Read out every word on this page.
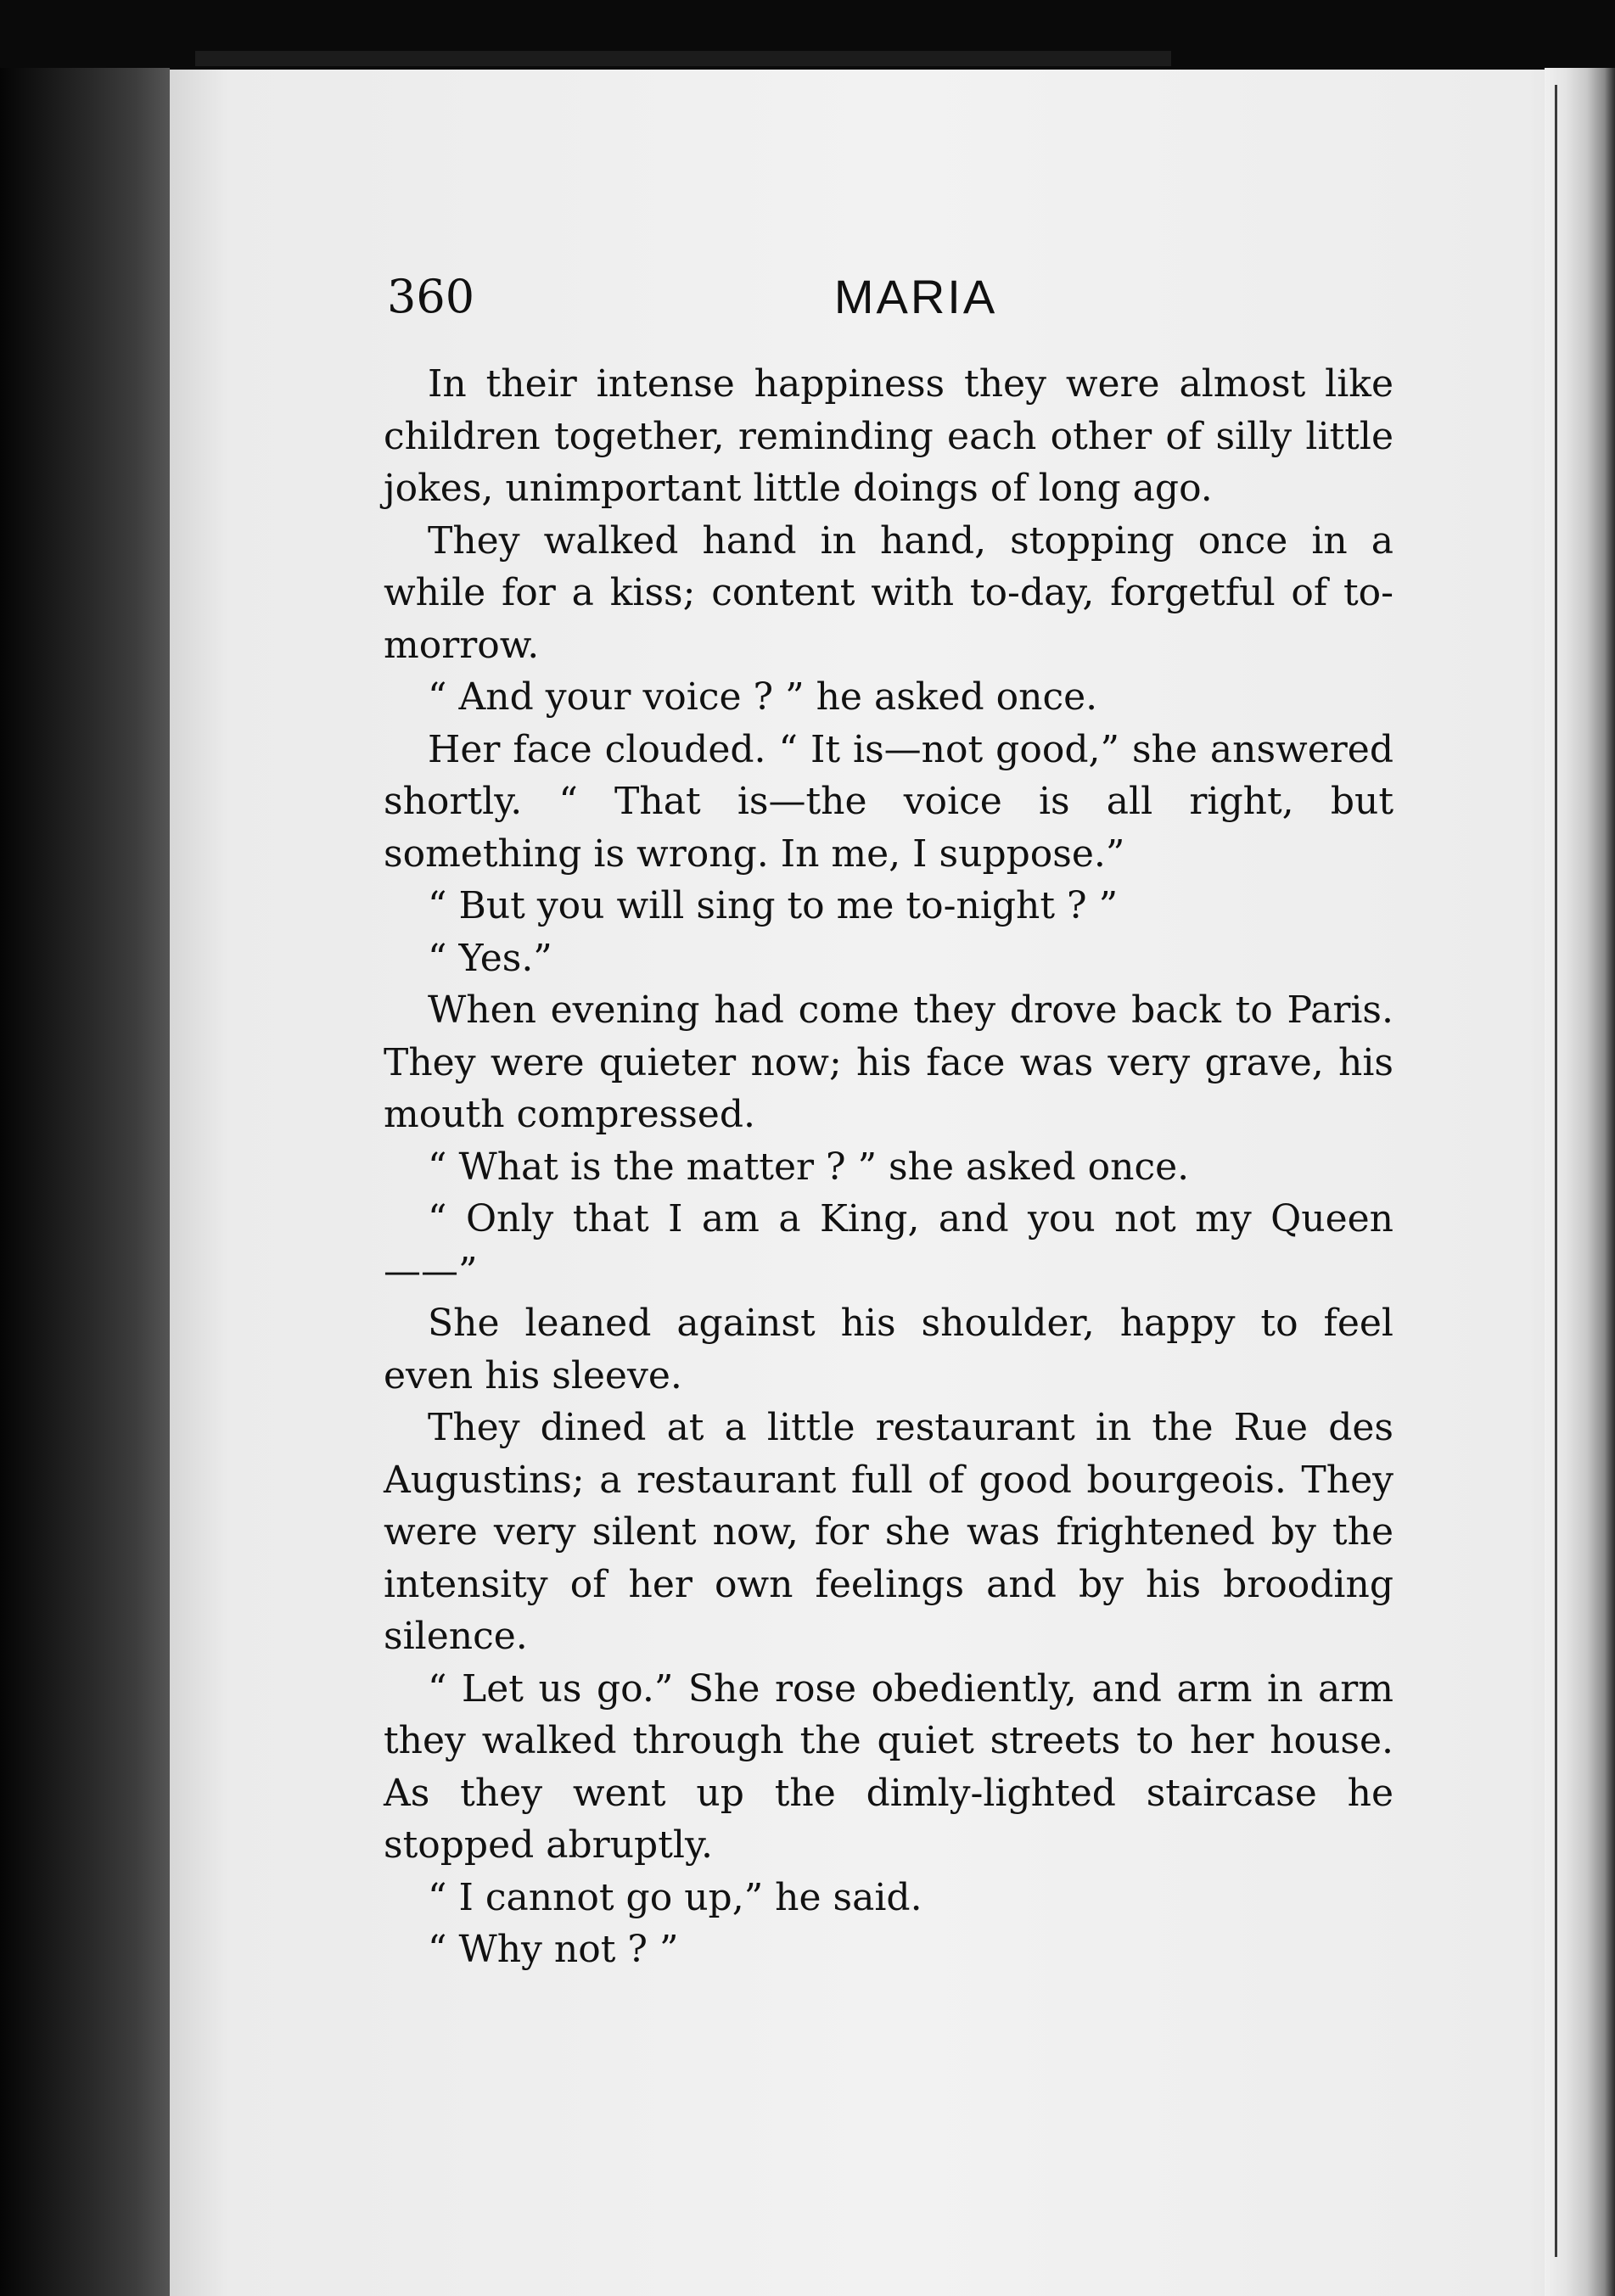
360	MARIA

In their intense happiness they were almost like children together, reminding each other of silly little jokes, unimportant little doings of long ago.

They walked hand in hand, stopping once in a while for a kiss; content with to-day, forgetful of to-morrow.

“ And your voice ? ” he asked once.

Her face clouded. “ It is—not good,” she answered shortly. “ That is—the voice is all right, but something is wrong. In me, I suppose.”

“ But you will sing to me to-night ? ”

“ Yes.”

When evening had come they drove back to Paris. They were quieter now; his face was very grave, his mouth compressed.

“ What is the matter ? ” she asked once.

“ Only that I am a King, and you not my Queen——”

She leaned against his shoulder, happy to feel even his sleeve.

They dined at a little restaurant in the Rue des Augustins; a restaurant full of good bourgeois. They were very silent now, for she was frightened by the intensity of her own feelings and by his brooding silence.

“ Let us go.” She rose obediently, and arm in arm they walked through the quiet streets to her house. As they went up the dimly-lighted staircase he stopped abruptly.

“ I cannot go up,” he said.

“ Why not ? ”
